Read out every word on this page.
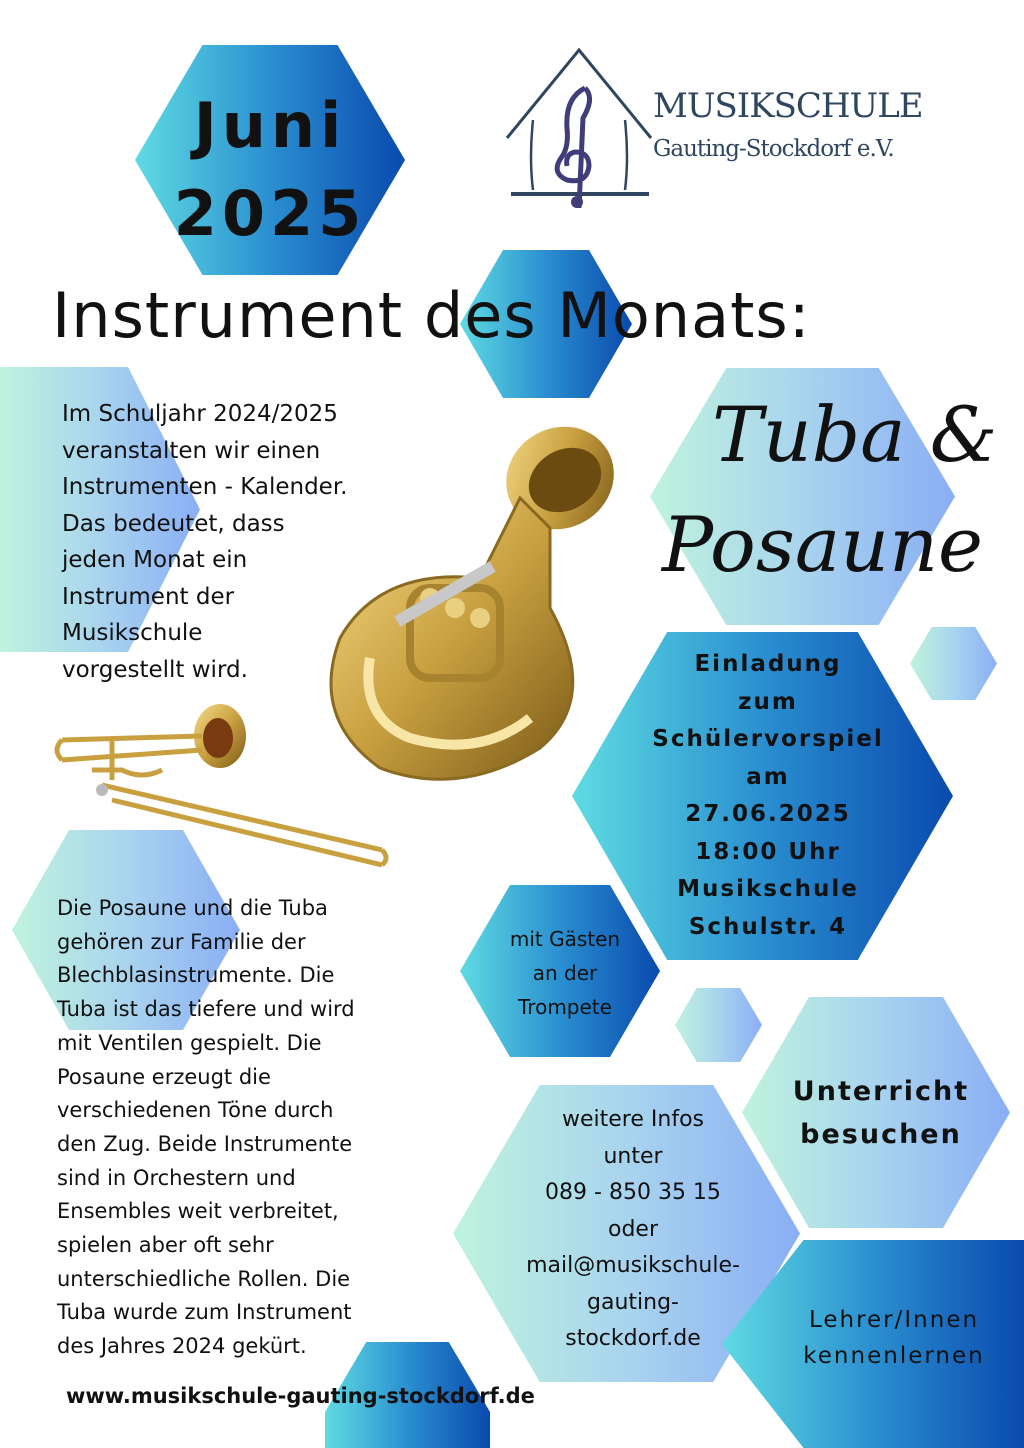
Juni
2025
MUSIKSCHULE
Gauting-Stockdorf e.V.
Instrument des Monats:
Tuba &
Posaune
Im Schuljahr 2024/2025
veranstalten wir einen
Instrumenten - Kalender.
Das bedeutet, dass
jeden Monat ein
Instrument der
Musikschule
vorgestellt wird.	Einladung
zum
Schülervorspiel
am
27.06.2025
18:00 Uhr
Musikschule
Schulstr. 4
Die Posaune und die Tuba
gehören zur Familie der
Blechblasinstrumente. Die
Tuba ist das tiefere und wird
mit Ventilen gespielt. Die
Posaune erzeugt die
verschiedenen Töne durch
den Zug. Beide Instrumente
sind in Orchestern und
Ensembles weit verbreitet,
spielen aber oft sehr
unterschiedliche Rollen. Die
Tuba wurde zum Instrument
des Jahres 2024 gekürt.
mit Gästen
an der
Trompete
Unterricht
besuchen
weitere Infos
unter
089 - 850 35 15
oder
mail@musikschule-
gauting-
stockdorf.de
Lehrer/Innen
kennenlernen
www.musikschule-gauting-stockdorf.de
